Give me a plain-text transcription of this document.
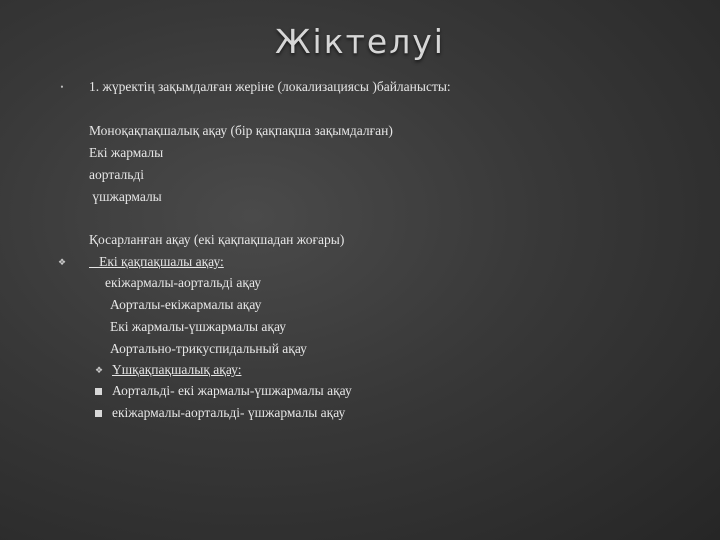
Жіктелуі
• 1. жүректің зақымдалған жеріне (локализациясы )байланысты:
Моноқақпақшалық ақау (бір қақпақша зақымдалған)
Екі жармалы
аортальді
үшжармалы
Қосарланған ақау (екі қақпақшадан жоғары)
❖ Екі қақпақшалы ақау:
екіжармалы-аортальді ақау
Аорталы-екіжармалы ақау
Екі жармалы-үшжармалы ақау
Аортально-трикуспидальный ақау
❖ Үшқақпақшалық ақау:
Аортальді- екі жармалы-үшжармалы ақау
екіжармалы-аортальді- үшжармалы ақау
